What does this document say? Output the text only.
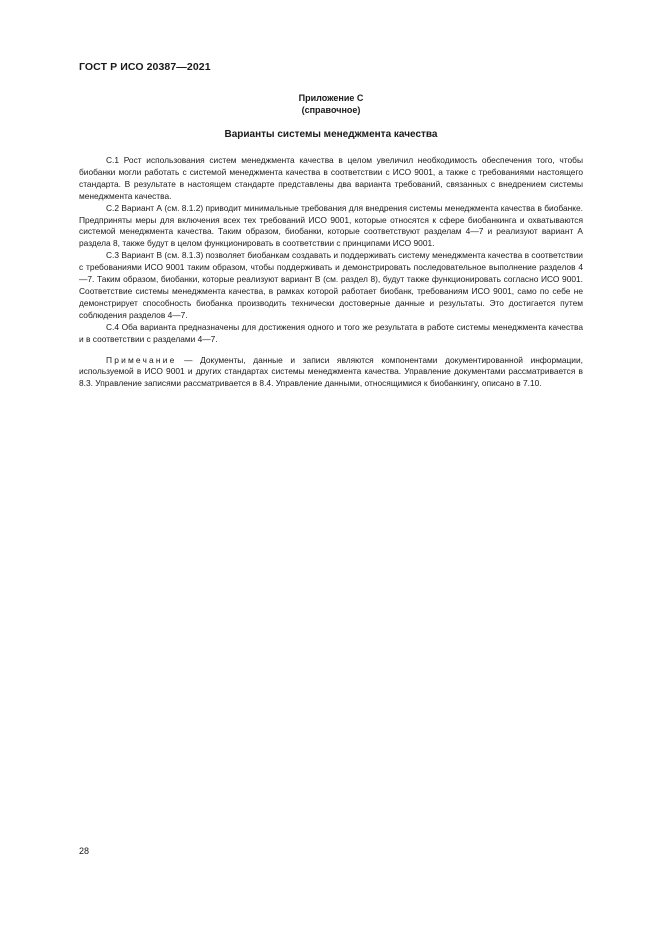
ГОСТ Р ИСО 20387—2021
Приложение С
(справочное)
Варианты системы менеджмента качества

С.1 Рост использования систем менеджмента качества в целом увеличил необходимость обеспечения того, чтобы биобанки могли работать с системой менеджмента качества в соответствии с ИСО 9001, а также с требованиями настоящего стандарта. В результате в настоящем стандарте представлены два варианта требований, связанных с внедрением системы менеджмента качества.

С.2 Вариант А (см. 8.1.2) приводит минимальные требования для внедрения системы менеджмента качества в биобанке. Предприняты меры для включения всех тех требований ИСО 9001, которые относятся к сфере биобанкинга и охватываются системой менеджмента качества. Таким образом, биобанки, которые соответствуют разделам 4—7 и реализуют вариант А раздела 8, также будут в целом функционировать в соответствии с принципами ИСО 9001.

С.3 Вариант В (см. 8.1.3) позволяет биобанкам создавать и поддерживать систему менеджмента качества в соответствии с требованиями ИСО 9001 таким образом, чтобы поддерживать и демонстрировать последовательное выполнение разделов 4—7. Таким образом, биобанки, которые реализуют вариант В (см. раздел 8), будут также функционировать согласно ИСО 9001. Соответствие системы менеджмента качества, в рамках которой работает биобанк, требованиям ИСО 9001, само по себе не демонстрирует способность биобанка производить технически достоверные данные и результаты. Это достигается путем соблюдения разделов 4—7.

С.4 Оба варианта предназначены для достижения одного и того же результата в работе системы менеджмента качества и в соответствии с разделами 4—7.

Примечание — Документы, данные и записи являются компонентами документированной информации, используемой в ИСО 9001 и других стандартах системы менеджмента качества. Управление документами рассматривается в 8.3. Управление записями рассматривается в 8.4. Управление данными, относящимися к биобанкингу, описано в 7.10.

28
